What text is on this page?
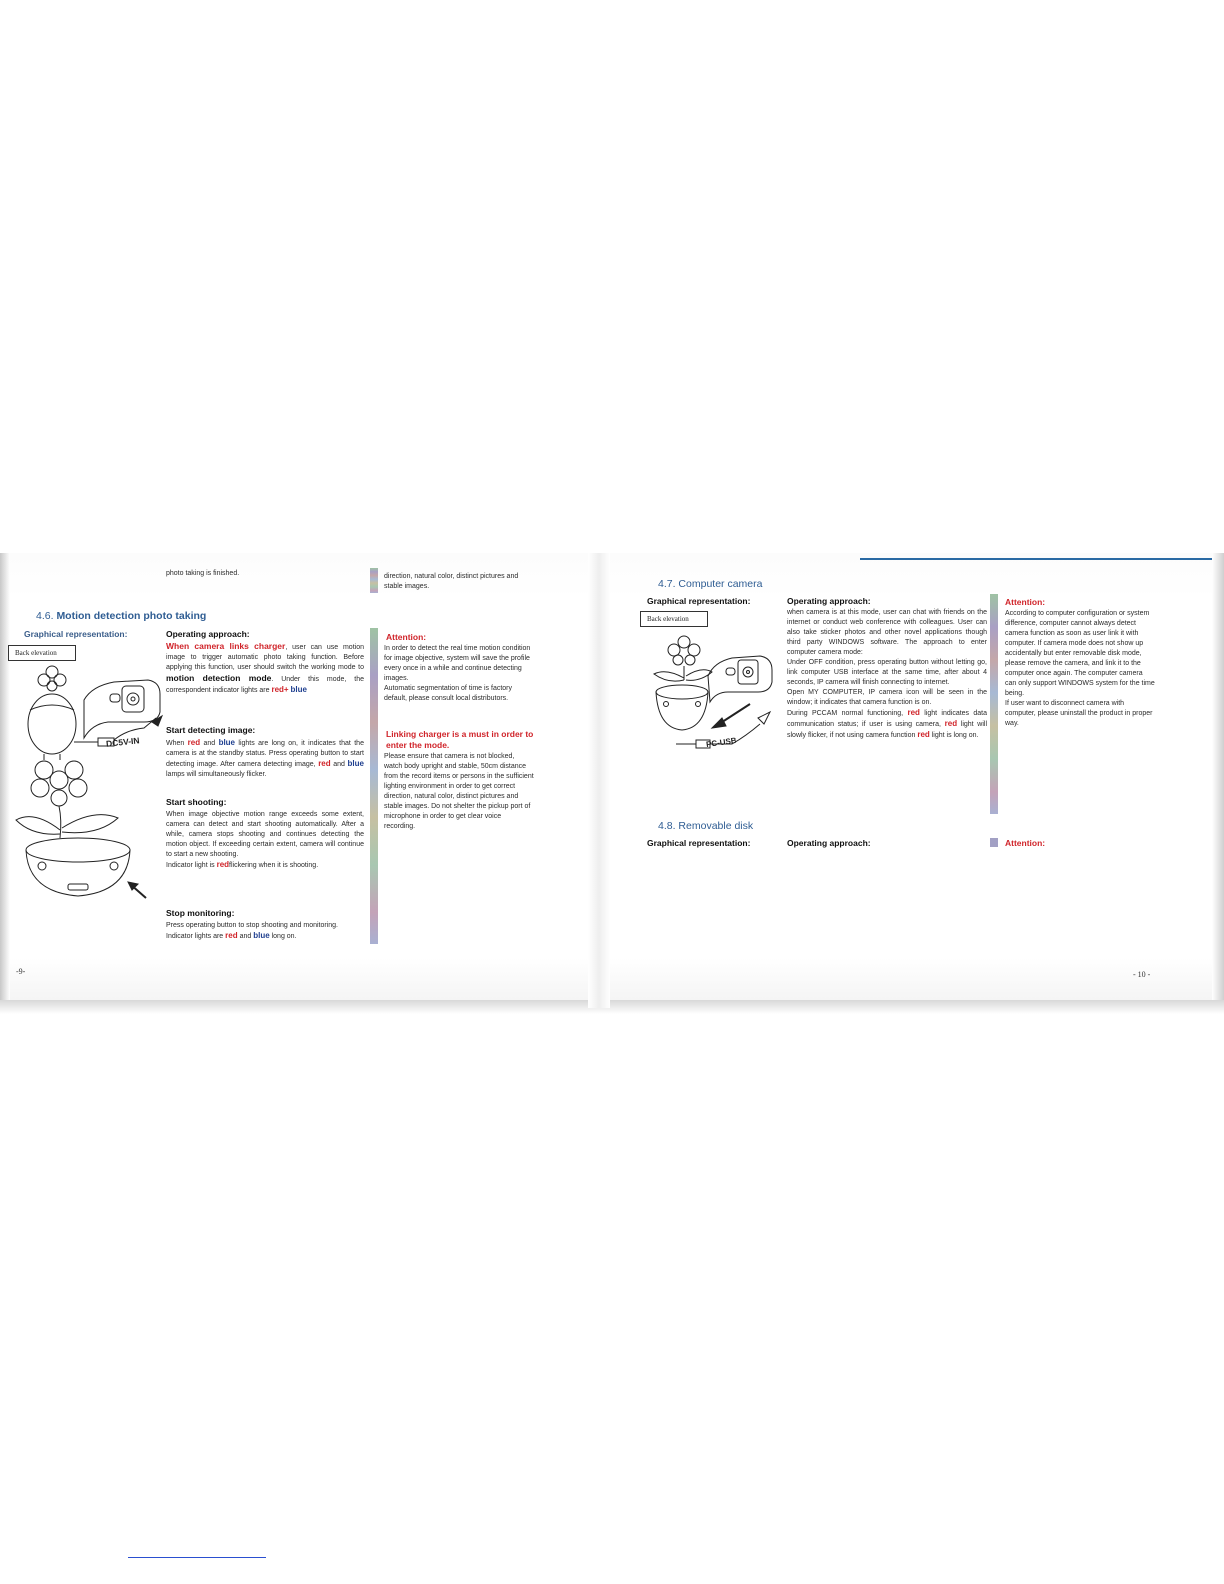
photo taking is finished.	direction, natural color, distinct pictures and stable images.
4.6. Motion detection photo taking
Graphical representation:
Back elevation
DC5V-IN
Operating approach:
When camera links charger, user can use motion image to trigger automatic photo taking function. Before applying this function, user should switch the working mode to motion detection mode. Under this mode, the correspondent indicator lights are red+ blue
Start detecting image:
When red and blue lights are long on, it indicates that the camera is at the standby status. Press operating button to start detecting image. After camera detecting image, red and blue lamps will simultaneously flicker.
Start shooting:
When image objective motion range exceeds some extent, camera can detect and start shooting automatically. After a while, camera stops shooting and continues detecting the motion object. If exceeding certain extent, camera will continue to start a new shooting.
Indicator light is redflickering when it is shooting.
Stop monitoring:
Press operating button to stop shooting and monitoring.
Indicator lights are red and blue long on.
Attention:
In order to detect the real time motion condition for image objective, system will save the profile every once in a while and continue detecting images.
Automatic segmentation of time is factory default, please consult local distributors.
Linking charger is a must in order to enter the mode.
Please ensure that camera is not blocked, watch body upright and stable, 50cm distance from the record items or persons in the sufficient lighting environment in order to get correct direction, natural color, distinct pictures and stable images. Do not shelter the pickup port of microphone in order to get clear voice recording.
-9-
4.7. Computer camera
Graphical representation:
Back elevation
PC-USB
Operating approach:
when camera is at this mode, user can chat with friends on the internet or conduct web conference with colleagues. User can also take sticker photos and other novel applications though third party WINDOWS software. The approach to enter computer camera mode:
Under OFF condition, press operating button without letting go, link computer USB interface at the same time, after about 4 seconds, IP camera will finish connecting to internet.
Open MY COMPUTER, IP camera icon will be seen in the window; it indicates that camera function is on.
During PCCAM normal functioning, red light indicates data communication status; if user is using camera, red light will slowly flicker, if not using camera function red light is long on.
Attention:
According to computer configuration or system difference, computer cannot always detect camera function as soon as user link it with computer. If camera mode does not show up accidentally but enter removable disk mode, please remove the camera, and link it to the computer once again. The computer camera can only support WINDOWS system for the time being.
If user want to disconnect camera with computer, please uninstall the product in proper way.
4.8. Removable disk
Graphical representation:	Operating approach:	Attention:
- 10 -
